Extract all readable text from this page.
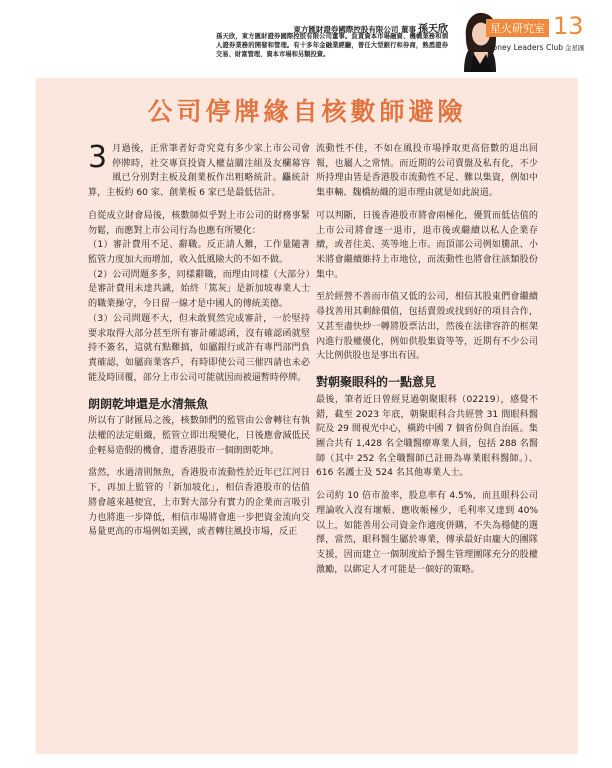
東方匯財證券國際控股有限公司 董事 孫天欣
孫天欣，東方匯財證券國際控股有限公司董事。負責資本市場融資、機構業務和個人證券業務的開發和管理。有十多年金融業經驗，曾任大型銀行和券商，熟悉證券交易、財富管理、資本市場和另類投資。
星火研究室 13
Money Leaders Club 金星匯
公司停牌緣自核數師避險

3 月過後，正常筆者好奇究竟有多少家上市公司會停牌時，社交專頁投資人權益關注組及友欄幕容風已分別對主板及創業板作出粗略統計。麤統計算，主板約 60 家、創業板 6 家已是最低估計。

自從成立財會局後，核數師似乎對上市公司的財務事緊勿鬆，而應對上市公司行為也應有所變化：

（1）審計費用不足、辭職。反正請人難，工作量隨著監管力度加大而增加，收入低風險大的不如不做。

（2）公司問題多多，同樣辭職，而理由同樣（大部分）是審計費用未達共識，始終「篤灰」是新加坡專業人士的職業操守，今日留一線才是中國人的傳統美德。

（3）公司問題不大，但未敢貿然完成審計，一於堅持要求取得大部分甚至所有審計確認函，沒有確認函就堅持不簽名，這就有點難搞，如屬銀行或許有專門部門負責確認，如屬商業客戶，有時即使公司三催四請也未必能及時回覆，部分上市公司可能就因而被逼暫時停牌。

朗朗乾坤還是水清無魚

所以有了財匯局之後，核數師們的監管由公會轉往有執法權的法定組織，監管立即出現變化，日後應會減低民企輕易造假的機會，還香港股市一個朗朗乾坤。

當然，水過清則無魚，香港股市流動性於近年已江河日下，再加上監管的「新加坡化」，相信香港股市的估值將會越來越便宜，上市對大部分有實力的企業而言吸引力也將進一步降低，相信市場將會進一步把資金流向交易量更高的市場例如美國，或者轉往風投市場，反正

流動性不佳，不如在風投市場掙取更高倍數的退出回報，也屬人之常情。而近期的公司賣盤及私有化，不少所持理由皆是香港股市流動性不足、難以集資，例如中集車輛、魏橋紡織的退市理由就是如此說道。

可以判斷，日後香港股市將會兩極化，優質而低估值的上市公司將會逐一退市，退市後或繼續以私人企業存續，或者往美、英等地上市。而頂部公司例如騰訊、小米將會繼續維持上市地位，而流動性也將會往該類股份集中。

至於經營不善而市值又低的公司，相信其股東們會繼續尋找善用其剩餘價值，包括賣殼或找到好的項目合作，又甚至盡快炒一轉將股票沽出，然後在法律容許的框架內進行股權優化，例如供股集資等等，近期有不少公司大比例供股也是事出有因。

對朝聚眼科的一點意見

最後，筆者近日曾經見過朝聚眼科（02219），感覺不錯，截至 2023 年底，朝聚眼科合共經營 31 間眼科醫院及 29 間視光中心，橫跨中國 7 個省份與自治區。集團合共有 1,428 名全職醫療專業人員，包括 288 名醫師（其中 252 名全職醫師已註冊為專業眼科醫師。）、616 名護士及 524 名其他專業人士。

公司約 10 倍市盈率，股息率有 4.5%，而且眼科公司理論收入沒有壞帳、應收帳極少，毛利率又達到 40% 以上，如能善用公司資金作適度併購，不失為穩健的選擇，當然，眼科醫生屬於專業，傳承最好由龐大的團隊支援，因而建立一個制度給予醫生管理團隊充分的股權激勵，以綁定人才可能是一個好的策略。
